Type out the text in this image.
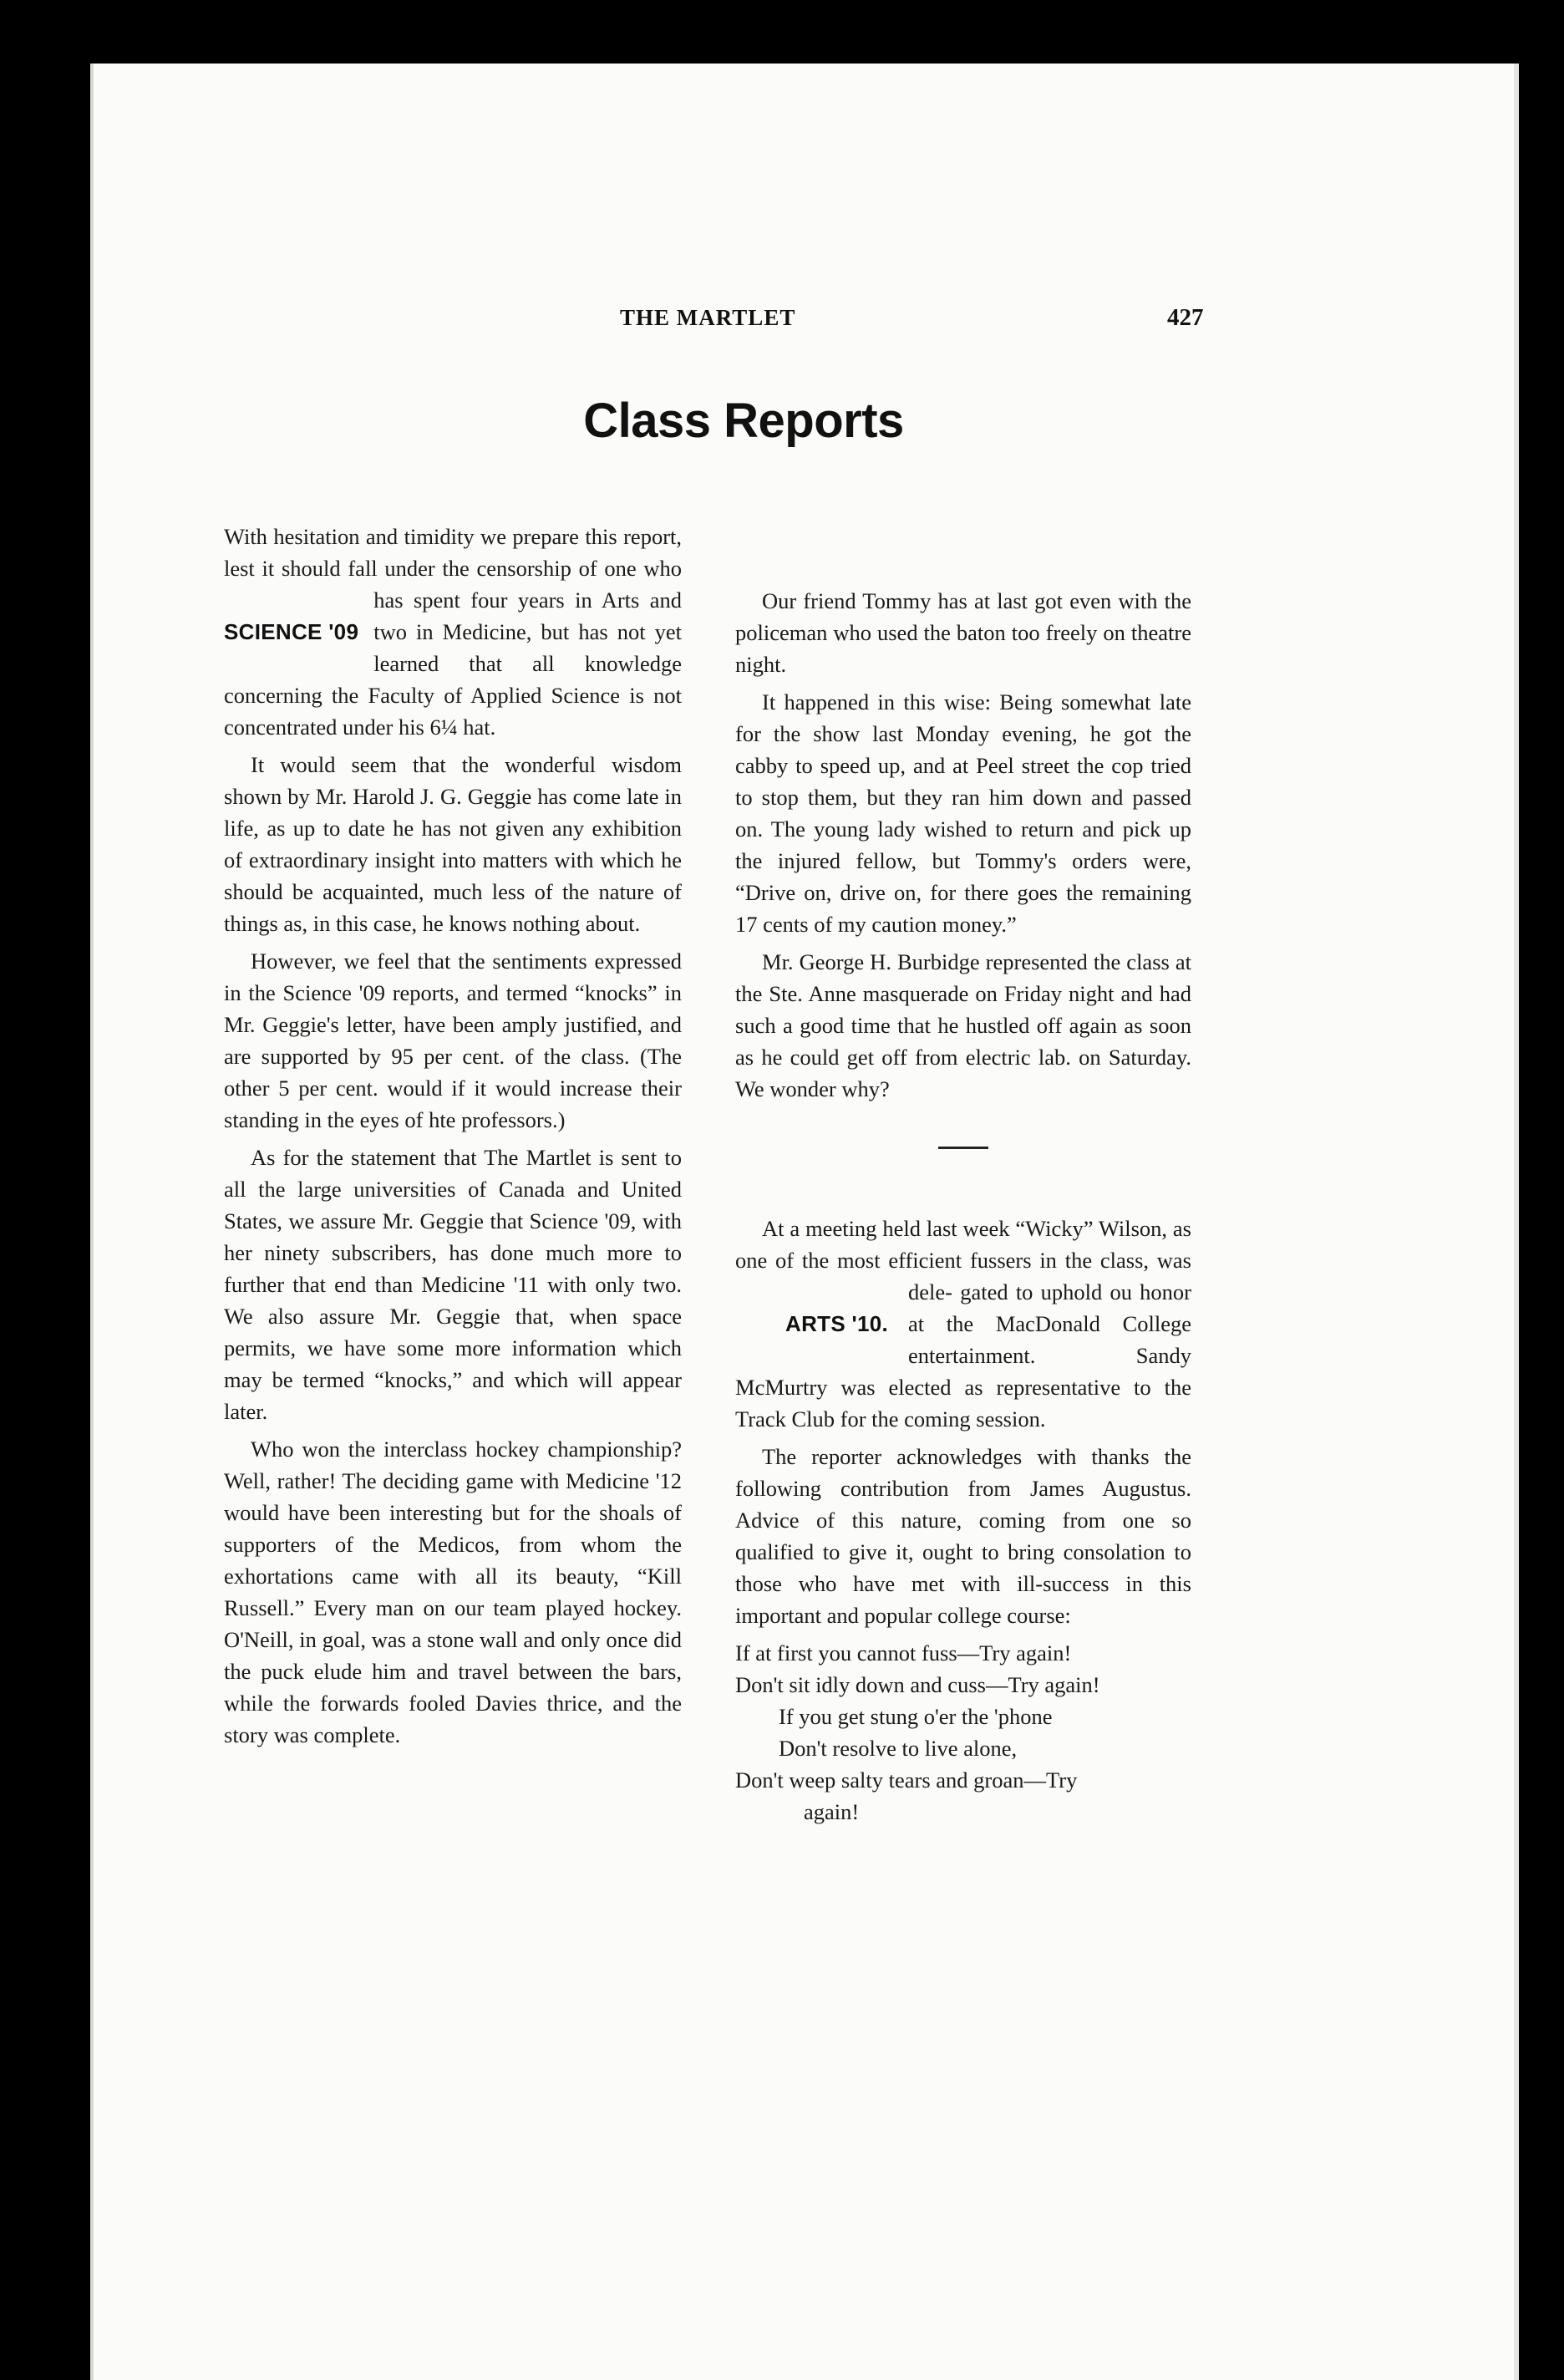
THE MARTLET	427
Class Reports

With hesitation and timidity we prepare this report, lest it should fall under the censorship of one who
SCIENCE '09
has spent four years in Arts and two in Medicine, but has not yet learned that all knowledge concerning the Faculty of Applied Science is not concentrated under his 6¼ hat.

It would seem that the wonderful wisdom shown by Mr. Harold J. G. Geggie has come late in life, as up to date he has not given any exhibition of extraordinary insight into matters with which he should be acquainted, much less of the nature of things as, in this case, he knows nothing about.

However, we feel that the sentiments expressed in the Science '09 reports, and termed “knocks” in Mr. Geggie's letter, have been amply justified, and are supported by 95 per cent. of the class. (The other 5 per cent. would if it would increase their standing in the eyes of hte professors.)

As for the statement that The Martlet is sent to all the large universities of Canada and United States, we assure Mr. Geggie that Science '09, with her ninety subscribers, has done much more to further that end than Medicine '11 with only two. We also assure Mr. Geggie that, when space permits, we have some more information which may be termed “knocks,” and which will appear later.

Who won the interclass hockey championship? Well, rather! The deciding game with Medicine '12 would have been interesting but for the shoals of supporters of the Medicos, from whom the exhortations came with all its beauty, “Kill Russell.” Every man on our team played hockey. O'Neill, in goal, was a stone wall and only once did the puck elude him and travel between the bars, while the forwards fooled Davies thrice, and the story was complete.

Our friend Tommy has at last got even with the policeman who used the baton too freely on theatre night.

It happened in this wise: Being somewhat late for the show last Monday evening, he got the cabby to speed up, and at Peel street the cop tried to stop them, but they ran him down and passed on. The young lady wished to return and pick up the injured fellow, but Tommy's orders were, “Drive on, drive on, for there goes the remaining 17 cents of my caution money.”

Mr. George H. Burbidge represented the class at the Ste. Anne masquerade on Friday night and had such a good time that he hustled off again as soon as he could get off from electric lab. on Saturday. We wonder why?

At a meeting held last week “Wicky” Wilson, as one of the most efficient fussers in the class, was dele-
ARTS '10.
gated to uphold ou honor at the MacDonald College entertainment. Sandy McMurtry was elected as representative to the Track Club for the coming session.

The reporter acknowledges with thanks the following contribution from James Augustus. Advice of this nature, coming from one so qualified to give it, ought to bring consolation to those who have met with ill-success in this important and popular college course:

If at first you cannot fuss—Try again!
Don't sit idly down and cuss—Try again!
If you get stung o'er the 'phone
Don't resolve to live alone,
Don't weep salty tears and groan—Try
again!
